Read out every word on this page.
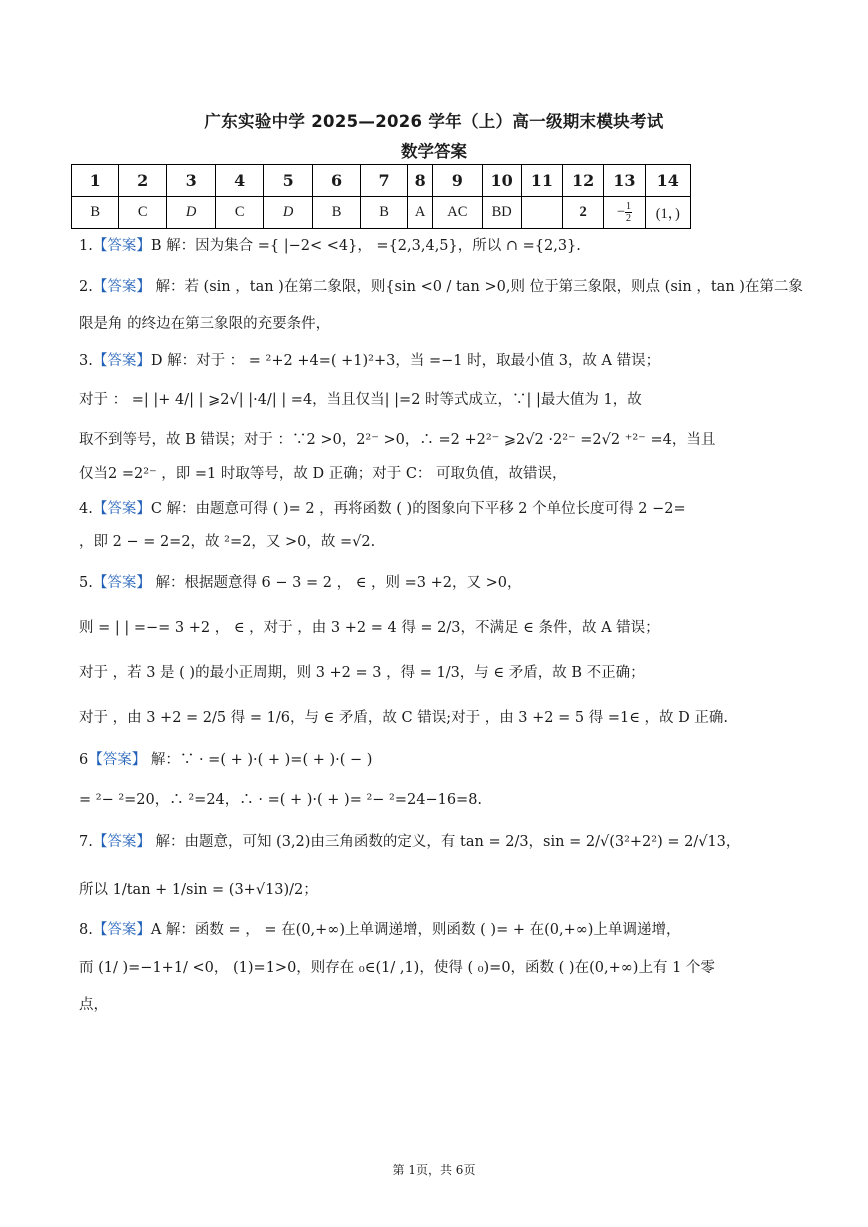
广东实验中学 2025—2026 学年（上）高一级期末模块考试
数学答案
1	2	3	4	5	6	7	8	9	10	11	12	13	14
B	C	D	C	D	B	B	A	AC	BD		2	− $\frac{1}{2}$	(1，)
1.【答案】B 解：因为集合 ={ |−2< <4}， ={2,3,4,5}，所以 ∩ ={2,3}.
2.【答案】 解：若 (sin ，tan )在第二象限，则{sin <0 / tan >0,则 位于第三象限，则点 (sin ，tan )在第二象
限是角 的终边在第三象限的充要条件，
3.【答案】D 解：对于 ： = ²+2 +4=( +1)²+3，当 =−1 时，取最小值 3，故 A 错误；
对于 ： =| |+ 4/| | ⩾2√| |·4/| | =4，当且仅当| |=2 时等式成立，∵| |最大值为 1，故
取不到等号，故 B 错误；对于 ：∵2 >0，2²⁻ >0，∴ =2 +2²⁻ ⩾2√2 ·2²⁻ =2√2 ⁺²⁻ =4，当且
仅当2 =2²⁻ ，即 =1 时取等号，故 D 正确；对于 C： 可取负值，故错误，
4.【答案】C 解：由题意可得 ( )= 2 ，再将函数 ( )的图象向下平移 2 个单位长度可得 2 −2=
，即 2 − = 2=2，故 ²=2，又 >0，故 =√2.
5.【答案】 解：根据题意得 6 − 3 = 2 ， ∈ ，则 =3 +2，又 >0，
则 = | | =−= 3 +2 ， ∈ ，对于 ，由 3 +2 = 4 得 = 2/3，不满足 ∈ 条件，故 A 错误；
对于 ，若 3 是 ( )的最小正周期，则 3 +2 = 3 ，得 = 1/3，与 ∈ 矛盾，故 B 不正确；
对于 ，由 3 +2 = 2/5 得 = 1/6，与 ∈ 矛盾，故 C 错误;对于 ，由 3 +2 = 5 得 =1∈ ，故 D 正确.
6【答案】 解：∵ · =( + )·( + )=( + )·( − )
= ²− ²=20，∴ ²=24，∴ · =( + )·( + )= ²− ²=24−16=8.
7.【答案】 解：由题意，可知 (3,2)由三角函数的定义，有 tan = 2/3，sin = 2/√(3²+2²) = 2/√13，
所以 1/tan + 1/sin = (3+√13)/2；
8.【答案】A 解：函数 = ， = 在(0,+∞)上单调递增，则函数 ( )= + 在(0,+∞)上单调递增，
而 (1/ )=−1+1/ <0， (1)=1>0，则存在 ₀∈(1/ ,1)，使得 ( ₀)=0，函数 ( )在(0,+∞)上有 1 个零
点，
第 1页，共 6页
